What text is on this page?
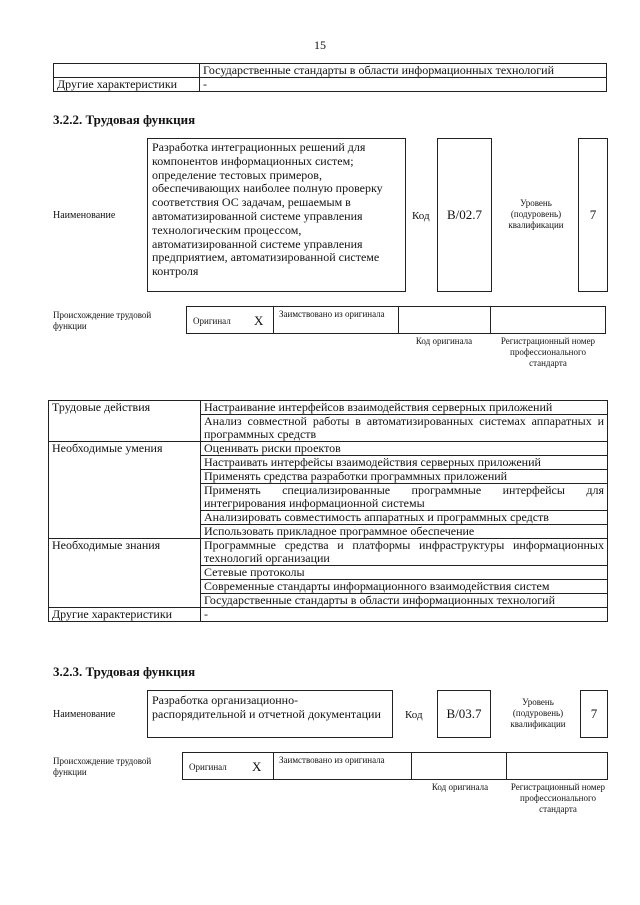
15
	Государственные стандарты в области информационных технологий
Другие характеристики	-
3.2.2. Трудовая функция
Наименование
Разработка интеграционных решений для компонентов информационных систем; определение тестовых примеров, обеспечивающих наиболее полную проверку соответствия ОС задачам, решаемым в автоматизированной системе управления технологическим процессом, автоматизированной системе управления предприятием, автоматизированной системе контроля
Код B/02.7
Уровень (подуровень) квалификации
7
Происхождение трудовой функции	Оригинал X Заимствовано из оригинала
Код оригинала	Регистрационный номер профессионального стандарта
Трудовые действия	Настраивание интерфейсов взаимодействия серверных приложений
	Анализ совместной работы в автоматизированных системах аппаратных и программных средств
Необходимые умения	Оценивать риски проектов
	Настраивать интерфейсы взаимодействия серверных приложений
	Применять средства разработки программных приложений
	Применять специализированные программные интерфейсы для интегрирования информационной системы
	Анализировать совместимость аппаратных и программных средств
	Использовать прикладное программное обеспечение
Необходимые знания	Программные средства и платформы инфраструктуры информационных технологий организации
	Сетевые протоколы
	Современные стандарты информационного взаимодействия систем
	Государственные стандарты в области информационных технологий
Другие характеристики	-
3.2.3. Трудовая функция
Наименование
Разработка организационно-распорядительной и отчетной документации	Код B/03.7
Уровень (подуровень) квалификации
7
Происхождение трудовой функции	Оригинал X Заимствовано из оригинала
Код оригинала	Регистрационный номер профессионального стандарта
